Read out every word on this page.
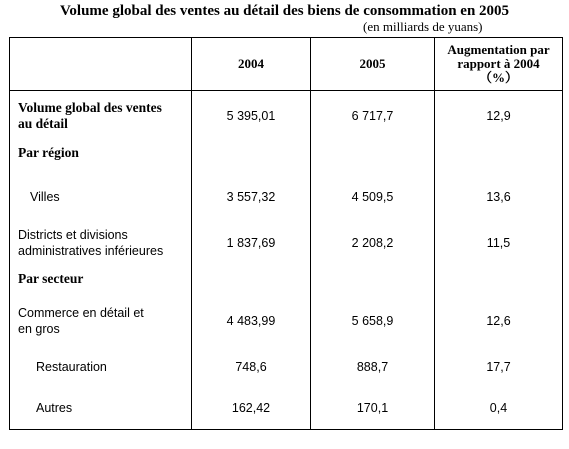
Volume global des ventes au détail des biens de consommation en 2005
(en milliards de yuans)
	2004	2005	Augmentation par
rapport à 2004
（%）
Volume global des ventes
au détail	5 395,01	6 717,7	12,9
Par région			
Villes	3 557,32	4 509,5	13,6
Districts et divisions
administratives inférieures	1 837,69	2 208,2	11,5
Par secteur			
Commerce en détail et
en gros	4 483,99	5 658,9	12,6
Restauration	748,6	888,7	17,7
Autres	162,42	170,1	0,4
